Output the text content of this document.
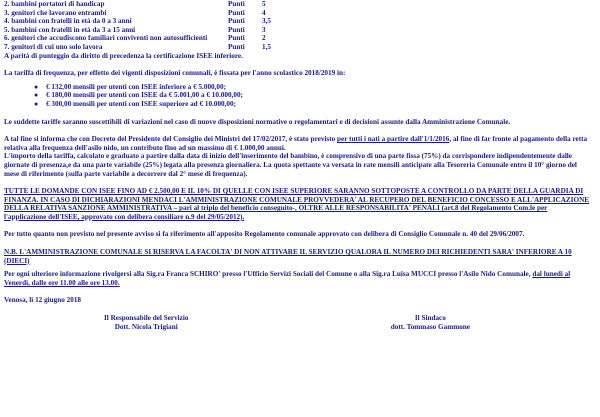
2. bambini portatori di handicap	Punti	5
3. genitori che lavorano entrambi	Punti	4
4. bambini con fratelli in età da 0 a 3 anni	Punti	3,5
5. bambini con fratelli in età da 3 a 15 anni	Punti	3
6. genitori che accudiscono familiari conviventi non autosufficienti	Punti	2
7. genitori di cui uno solo lavora	Punti	1,5

A parità di punteggio da diritto di precedenza la certificazione ISEE inferiore.

La tariffa di frequenza, per effetto dei vigenti disposizioni comunali, è fissata per l'anno scolastico 2018/2019 in:

●	€ 132,00 mensili per utenti con ISEE inferiore a € 5.000,00;
●	€ 180,00 mensili per utenti con ISEE da € 5.001,00 a € 10.000,00;
●	€ 300,00 mensili per utenti con ISEE superiore ad € 10.000,00;

Le suddette tariffe saranno suscettibili di variazioni nel caso di nuove disposizioni normative o regolamentari e di decisioni assunte dalla Amministrazione Comunale.

A tal fine si informa che con Decreto del Presidente del Consiglio dei Ministri del 17/02/2017, è stato previsto per tutti i nati a partire dall'1/1/2016, al fine di far fronte al pagamento della retta relativa alla frequenza dell'asilo nido, un contributo fino ad un massimo di € 1.000,00 annui.

L'importo della tariffa, calcolato e graduato a partire dalla data di inizio dell'inserimento del bambino, è comprensivo di una parte fissa (75%) da corrispondere indipendentemente dalle giornate di presenza,e da una parte variabile (25%) legata alla presenza giornaliera. La quota spettante va versata in rate mensili anticipate alla Tesoreria Comunale entro il 10° giorno del mese di riferimento (sulla parte variabile a decorrere dal 2° mese di frequenza).

TUTTE LE DOMANDE CON ISEE FINO AD € 2.500,00 E IL 10% DI QUELLE CON ISEE SUPERIORE SARANNO SOTTOPOSTE A CONTROLLO DA PARTE DELLA GUARDIA DI FINANZA. IN CASO DI DICHIARAZIONI MENDACI L'AMMINISTRAZIONE COMUNALE PROVVEDERA' AL RECUPERO DEL BENEFICIO CONCESSO E ALL'APPLICAZIONE DELLA RELATIVA SANZIONE AMMINISTRATIVA – pari al triplo del beneficio conseguito-, OLTRE ALLE RESPONSABILITA' PENALI (art.8 del Regolamento Com.le per l'applicazione dell'ISEE, approvato con delibera consiliare n.9 del 29/05/2012).

Per tutto quanto non previsto nel presente avviso si fa riferimento all'apposito Regolamento comunale approvato con delibera di Consiglio Comunale n. 40 del 29/06/2007.

N.B. L'AMMINISTRAZIONE COMUNALE SI RISERVA LA FACOLTA' DI NON ATTIVARE IL SERVIZIO QUALORA IL NUMERO DEI RICHIEDENTI SARA' INFERIORE A 10 (DIECI)

Per ogni ulteriore informazione rivolgersi alla Sig.ra Franca SCHIRO' presso l'Ufficio Servizi Sociali del Comune o alla Sig.ra Luisa MUCCI presso l'Asilo Nido Comunale, dal lunedì al Venerdì, dalle ore 11.00 alle ore 13.00.

Venosa, lì 12 giugno 2018

Il Responsabile del Servizio
Dott. Nicola Trigiani
Il Sindaco
dott. Tommaso Gammone
